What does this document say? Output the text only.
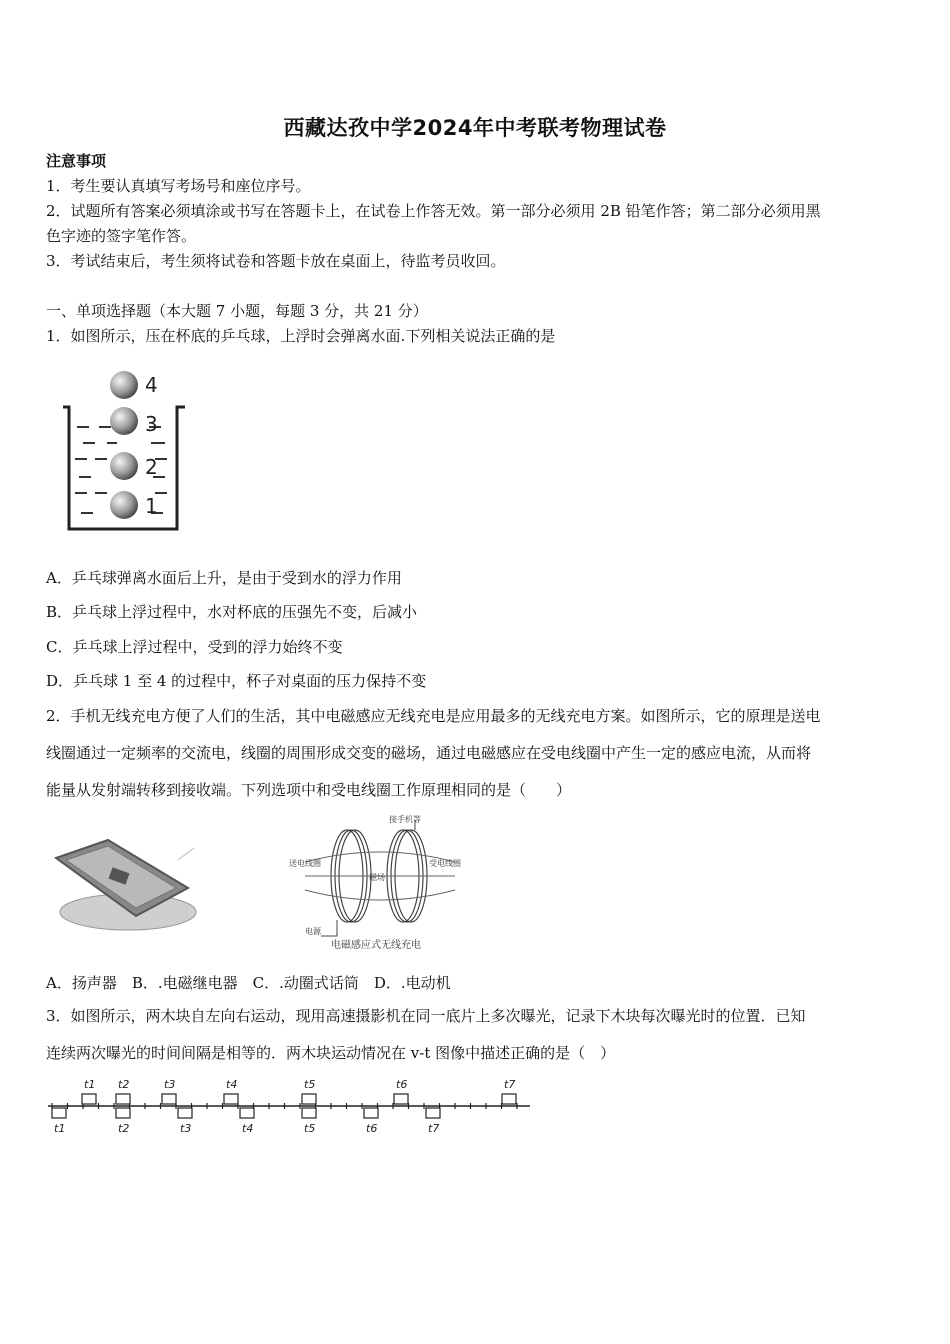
西藏达孜中学2024年中考联考物理试卷
注意事项
1．考生要认真填写考场号和座位序号。
2．试题所有答案必须填涂或书写在答题卡上，在试卷上作答无效。第一部分必须用 2B 铅笔作答；第二部分必须用黑
色字迹的签字笔作答。
3．考试结束后，考生须将试卷和答题卡放在桌面上，待监考员收回。
一、单项选择题（本大题 7 小题，每题 3 分，共 21 分）
1．如图所示，压在杯底的乒乓球，上浮时会弹离水面.下列相关说法正确的是
4
3
2
1
A．乒乓球弹离水面后上升，是由于受到水的浮力作用
B．乒乓球上浮过程中，水对杯底的压强先不变，后减小
C．乒乓球上浮过程中，受到的浮力始终不变
D．乒乓球 1 至 4 的过程中，杯子对桌面的压力保持不变
2．手机无线充电方便了人们的生活，其中电磁感应无线充电是应用最多的无线充电方案。如图所示，它的原理是送电
线圈通过一定频率的交流电，线圈的周围形成交变的磁场，通过电磁感应在受电线圈中产生一定的感应电流，从而将
能量从发射端转移到接收端。下列选项中和受电线圈工作原理相同的是（　　）
接手机等
送电线圈	受电线圈
磁场
电源
电磁感应式无线充电
A．扬声器　B．.电磁继电器　C．.动圈式话筒　D．.电动机
3．如图所示，两木块自左向右运动，现用高速摄影机在同一底片上多次曝光，记录下木块每次曝光时的位置．已知
连续两次曝光的时间间隔是相等的．两木块运动情况在 v-t 图像中描述正确的是（　）
t1 t2	t3	t4	t5	t6	t7
t1	t2	t3	t4	t5	t6	t7
